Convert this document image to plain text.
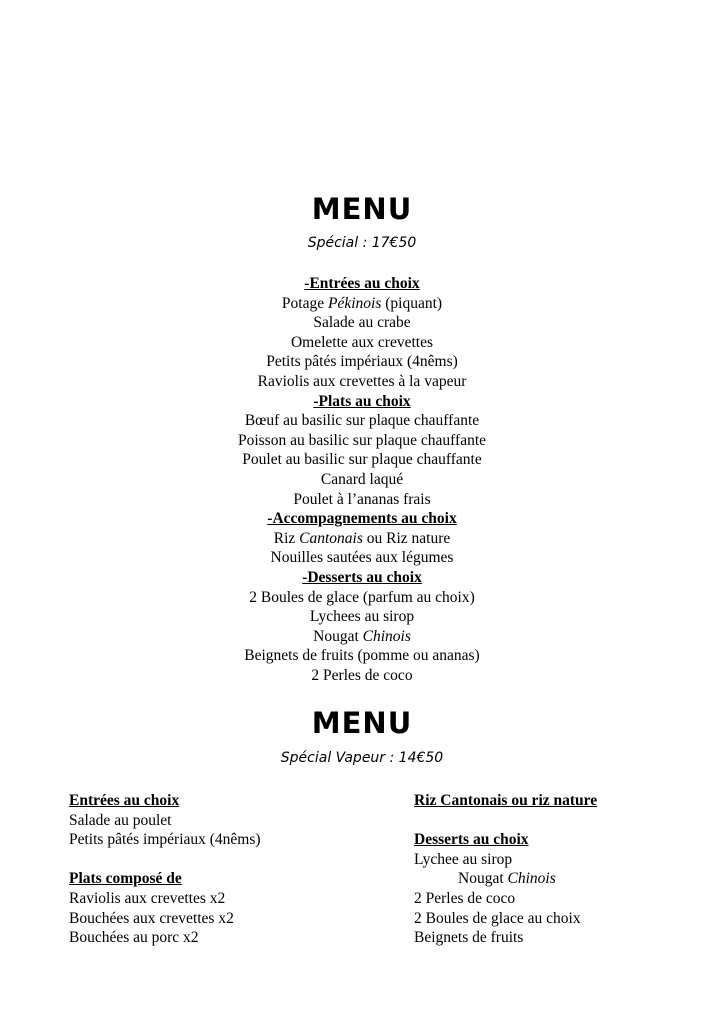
MENU
Spécial : 17€50
-Entrées au choix
Potage Pékinois (piquant)
Salade au crabe
Omelette aux crevettes
Petits pâtés impériaux (4nêms)
Raviolis aux crevettes à la vapeur
-Plats au choix
Bœuf au basilic sur plaque chauffante
Poisson au basilic sur plaque chauffante
Poulet au basilic sur plaque chauffante
Canard laqué
Poulet à l’ananas frais
-Accompagnements au choix
Riz Cantonais ou Riz nature
Nouilles sautées aux légumes
-Desserts au choix
2 Boules de glace (parfum au choix)
Lychees au sirop
Nougat Chinois
Beignets de fruits (pomme ou ananas)
2 Perles de coco
MENU
Spécial Vapeur : 14€50
Entrées au choix
Salade au poulet
Petits pâtés impériaux (4nêms)
Plats composé de
Raviolis aux crevettes x2
Bouchées aux crevettes x2
Bouchées au porc x2
Riz Cantonais ou riz nature
Desserts au choix
Lychee au sirop
Nougat Chinois
2 Perles de coco
2 Boules de glace au choix
Beignets de fruits
